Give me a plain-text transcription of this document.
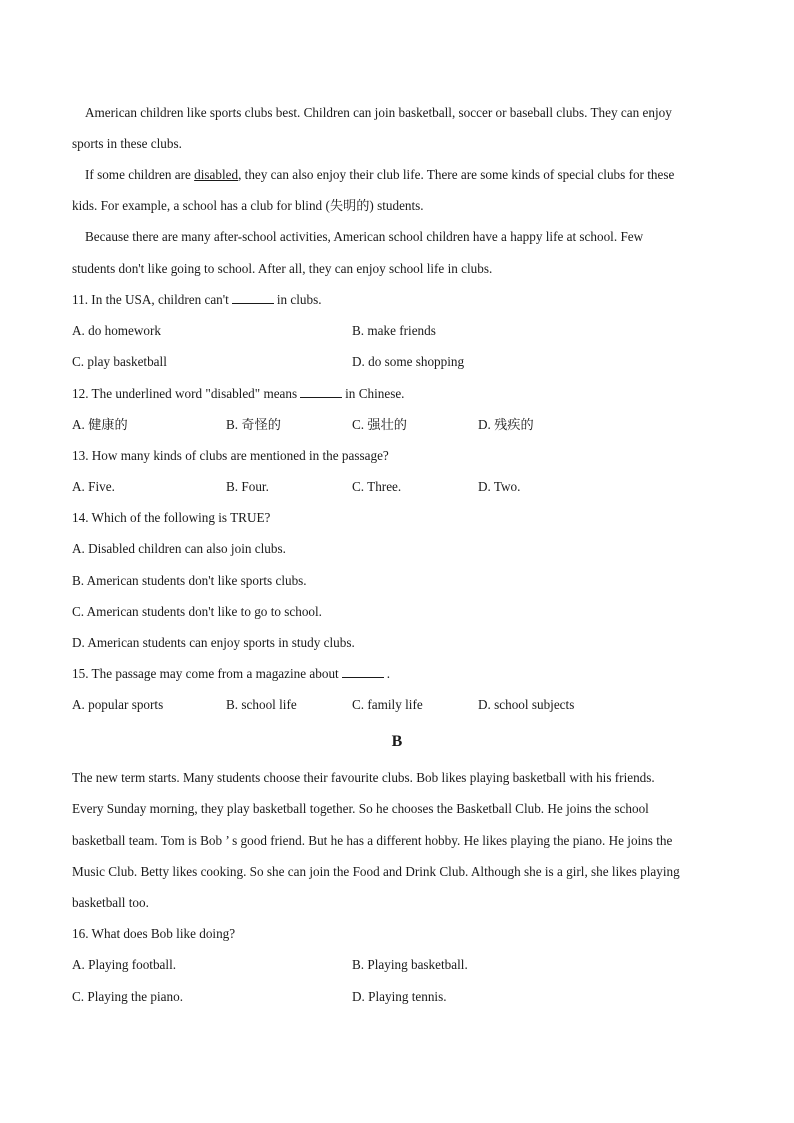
American children like sports clubs best. Children can join basketball, soccer or baseball clubs. They can enjoy
sports in these clubs.
If some children are disabled, they can also enjoy their club life. There are some kinds of special clubs for these
kids. For example, a school has a club for blind (失明的) students.
Because there are many after-school activities, American school children have a happy life at school. Few
students don't like going to school. After all, they can enjoy school life in clubs.
11. In the USA, children can't	in clubs.
A. do homework	B. make friends
C. play basketball	D. do some shopping
12. The underlined word "disabled" means	in Chinese.
A. 健康的	B. 奇怪的	C. 强壮的	D. 残疾的
13. How many kinds of clubs are mentioned in the passage?
A. Five.	B. Four.	C. Three.	D. Two.
14. Which of the following is TRUE?
A. Disabled children can also join clubs.
B. American students don't like sports clubs.
C. American students don't like to go to school.
D. American students can enjoy sports in study clubs.
15. The passage may come from a magazine about	.
A. popular sports	B. school life	C. family life	D. school subjects
B
The new term starts. Many students choose their favourite clubs. Bob likes playing basketball with his friends.
Every Sunday morning, they play basketball together. So he chooses the Basketball Club. He joins the school
basketball team. Tom is Bob ’ s good friend. But he has a different hobby. He likes playing the piano. He joins the
Music Club. Betty likes cooking. So she can join the Food and Drink Club. Although she is a girl, she likes playing
basketball too.
16. What does Bob like doing?
A. Playing football.	B. Playing basketball.
C. Playing the piano.	D. Playing tennis.
